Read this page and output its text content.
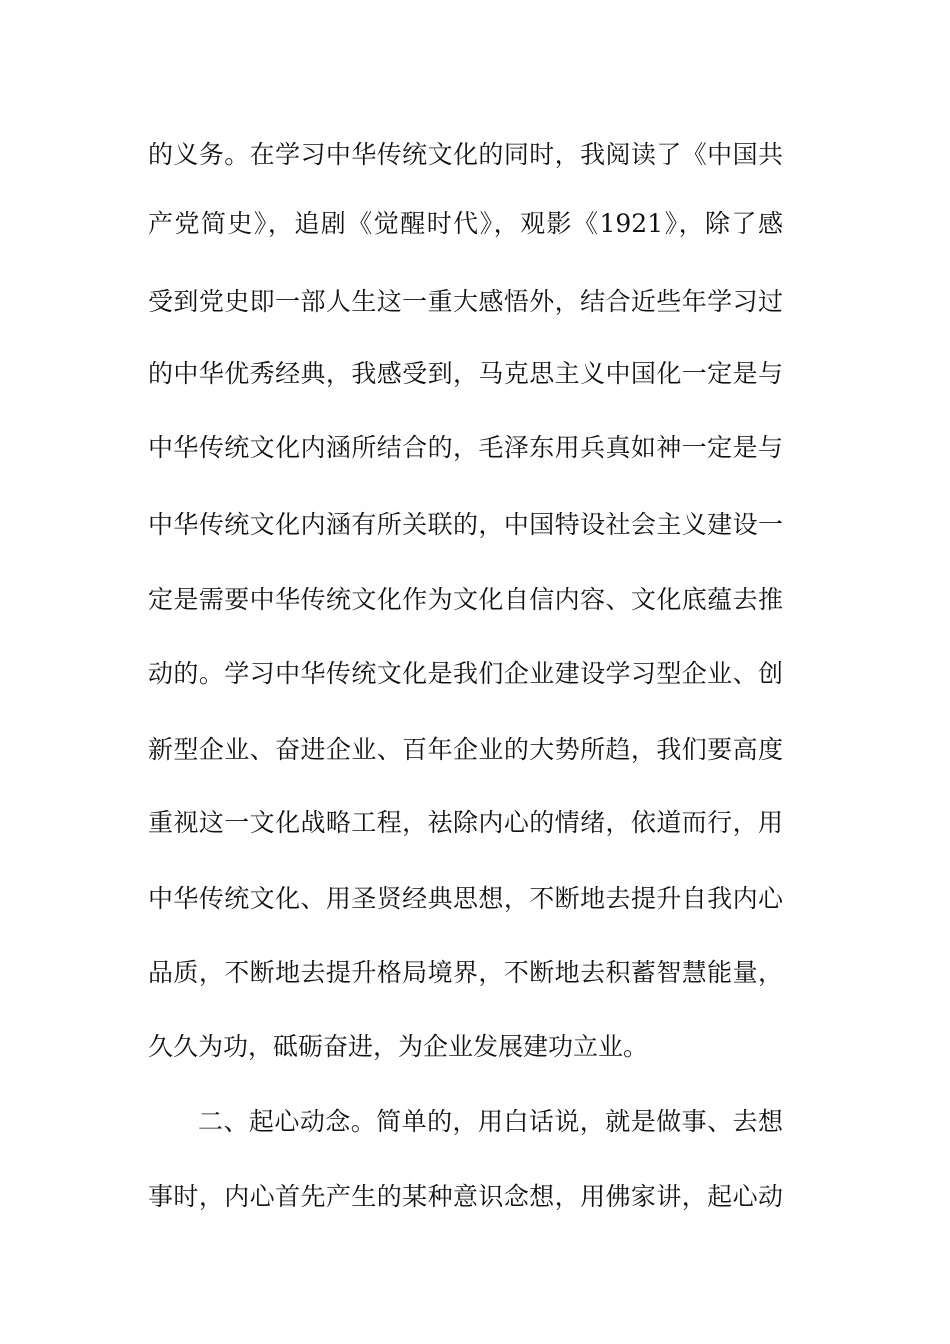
的义务。在学习中华传统文化的同时，我阅读了《中国共
产党简史》，追剧《觉醒时代》，观影《1921》，除了感
受到党史即一部人生这一重大感悟外，结合近些年学习过
的中华优秀经典，我感受到，马克思主义中国化一定是与
中华传统文化内涵所结合的，毛泽东用兵真如神一定是与
中华传统文化内涵有所关联的，中国特设社会主义建设一
定是需要中华传统文化作为文化自信内容、文化底蕴去推
动的。学习中华传统文化是我们企业建设学习型企业、创
新型企业、奋进企业、百年企业的大势所趋，我们要高度
重视这一文化战略工程，祛除内心的情绪，依道而行，用
中华传统文化、用圣贤经典思想，不断地去提升自我内心
品质，不断地去提升格局境界，不断地去积蓄智慧能量，
久久为功，砥砺奋进，为企业发展建功立业。
二、起心动念。简单的，用白话说，就是做事、去想
事时，内心首先产生的某种意识念想，用佛家讲，起心动
